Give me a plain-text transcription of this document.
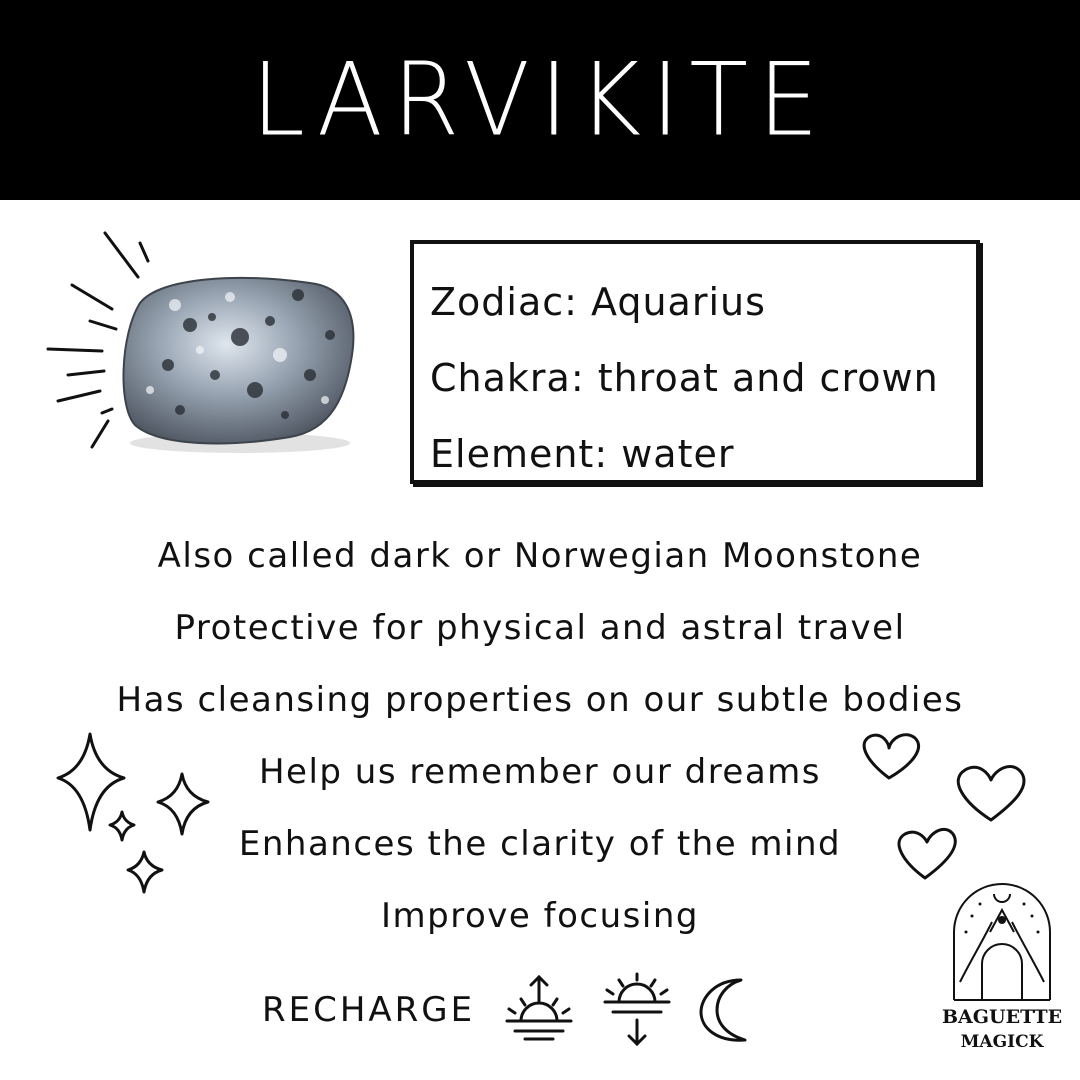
LARVIKITE
Zodiac: Aquarius
Chakra: throat and crown
Element: water
Also called dark or Norwegian Moonstone
Protective for physical and astral travel
Has cleansing properties on our subtle bodies
Help us remember our dreams
Enhances the clarity of the mind
Improve focusing
RECHARGE	BAGUETTE
MAGICK
